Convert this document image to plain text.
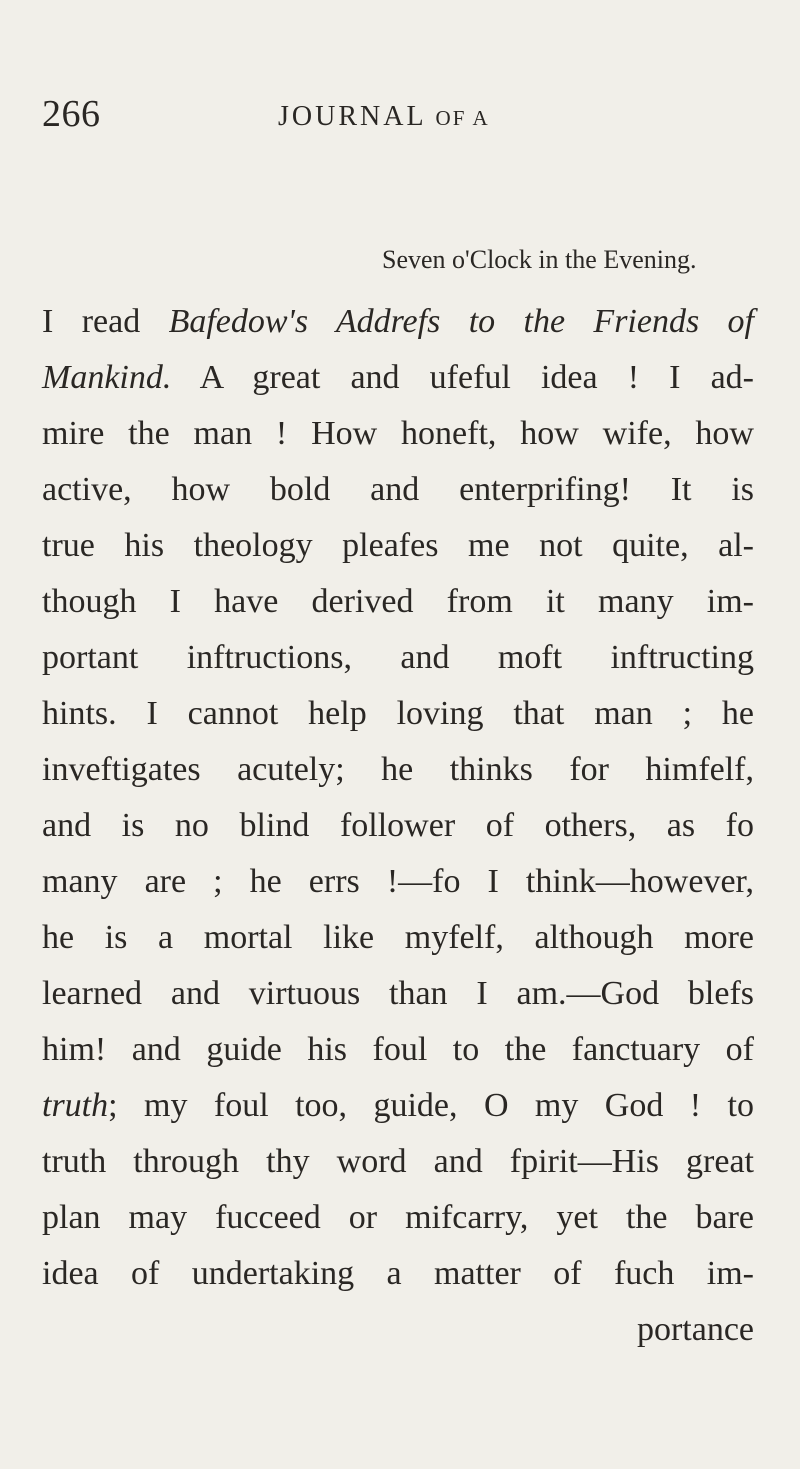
266	JOURNAL OF A
Seven o'Clock in the Evening.
I read Bafedow's Addrefs to the Friends of
Mankind. A great and ufeful idea ! I ad-
mire the man ! How honeft, how wife, how
active, how bold and enterprifing! It is
true his theology pleafes me not quite, al-
though I have derived from it many im-
portant inftructions, and moft inftructing
hints. I cannot help loving that man ; he
inveftigates acutely; he thinks for himfelf,
and is no blind follower of others, as fo
many are ; he errs !—fo I think—however,
he is a mortal like myfelf, although more
learned and virtuous than I am.—God blefs
him! and guide his foul to the fanctuary of
truth; my foul too, guide, O my God ! to
truth through thy word and fpirit—His great
plan may fucceed or mifcarry, yet the bare
idea of undertaking a matter of fuch im-
portance
